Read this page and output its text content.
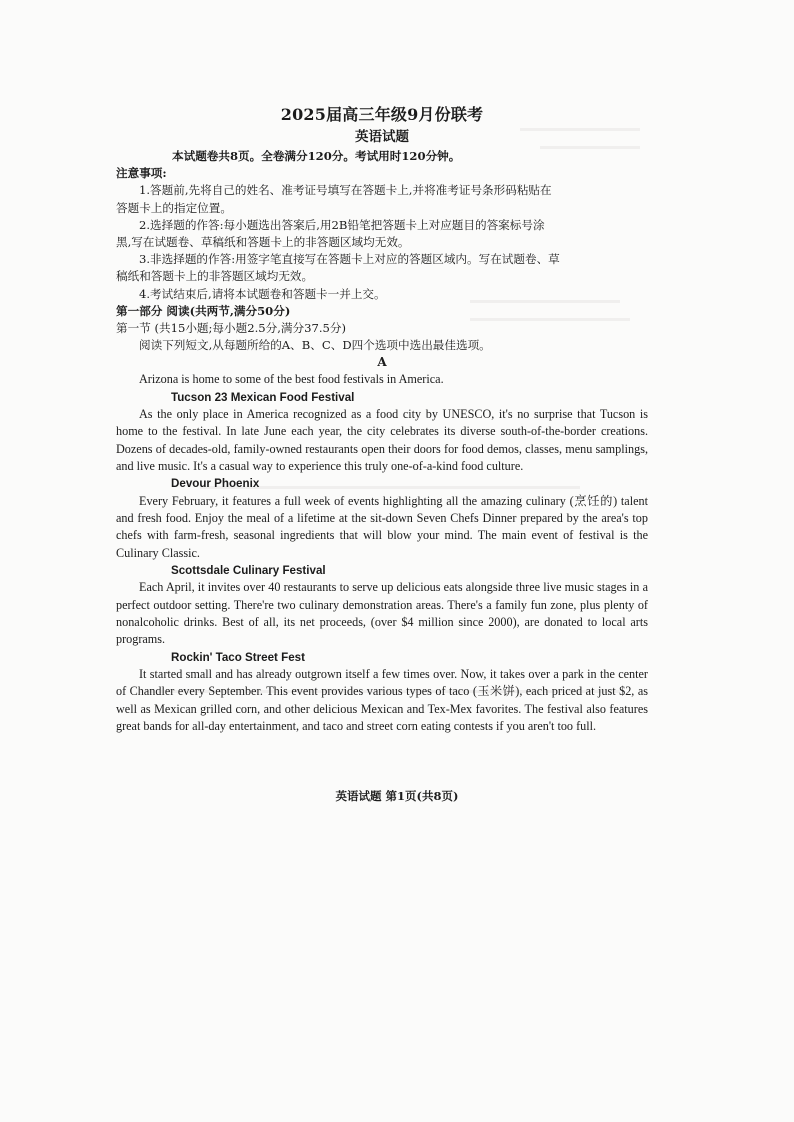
2025届高三年级9月份联考

英语试题

本试题卷共8页。全卷满分120分。考试用时120分钟。

注意事项:

1.答题前,先将自己的姓名、准考证号填写在答题卡上,并将准考证号条形码粘贴在

答题卡上的指定位置。

2.选择题的作答:每小题选出答案后,用2B铅笔把答题卡上对应题目的答案标号涂

黑,写在试题卷、草稿纸和答题卡上的非答题区域均无效。

3.非选择题的作答:用签字笔直接写在答题卡上对应的答题区域内。写在试题卷、草

稿纸和答题卡上的非答题区域均无效。

4.考试结束后,请将本试题卷和答题卡一并上交。

第一部分 阅读(共两节,满分50分)

第一节 (共15小题;每小题2.5分,满分37.5分)

阅读下列短文,从每题所给的A、B、C、D四个选项中选出最佳选项。

A

Arizona is home to some of the best food festivals in America.

Tucson 23 Mexican Food Festival

As the only place in America recognized as a food city by UNESCO, it's no surprise that Tucson is home to the festival. In late June each year, the city celebrates its diverse south-of-the-border creations. Dozens of decades-old, family-owned restaurants open their doors for food demos, classes, menu samplings, and live music. It's a casual way to experience this truly one-of-a-kind food culture.

Devour Phoenix

Every February, it features a full week of events highlighting all the amazing culinary (烹饪的) talent and fresh food. Enjoy the meal of a lifetime at the sit-down Seven Chefs Dinner prepared by the area's top chefs with farm-fresh, seasonal ingredients that will blow your mind. The main event of festival is the Culinary Classic.

Scottsdale Culinary Festival

Each April, it invites over 40 restaurants to serve up delicious eats alongside three live music stages in a perfect outdoor setting. There're two culinary demonstration areas. There's a family fun zone, plus plenty of nonalcoholic drinks. Best of all, its net proceeds, (over $4 million since 2000), are donated to local arts programs.

Rockin' Taco Street Fest

It started small and has already outgrown itself a few times over. Now, it takes over a park in the center of Chandler every September. This event provides various types of taco (玉米饼), each priced at just $2, as well as Mexican grilled corn, and other delicious Mexican and Tex-Mex favorites. The festival also features great bands for all-day entertainment, and taco and street corn eating contests if you aren't too full.

英语试题 第1页(共8页)
